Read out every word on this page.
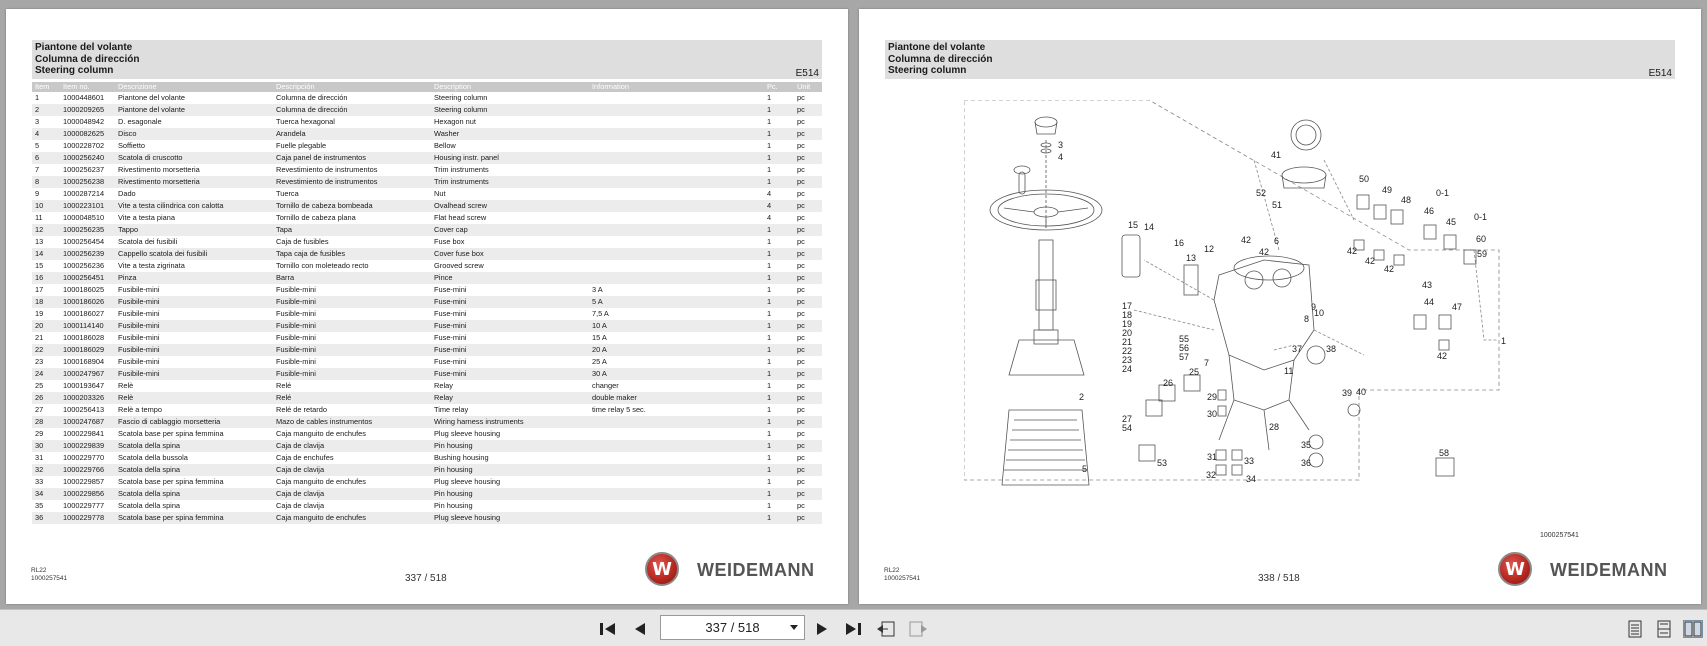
Piantone del volante
Columna de dirección
Steering column	E514
Item	Item no.	Descrizione	Descripción	Description	Information	Pc.	Unit
1	1000448601	Piantone del volante	Columna de dirección	Steering column		1	pc
2	1000209265	Piantone del volante	Columna de dirección	Steering column		1	pc
3	1000048942	D. esagonale	Tuerca hexagonal	Hexagon nut		1	pc
4	1000082625	Disco	Arandela	Washer		1	pc
5	1000228702	Soffietto	Fuelle plegable	Bellow		1	pc
6	1000256240	Scatola di cruscotto	Caja panel de instrumentos	Housing instr. panel		1	pc
7	1000256237	Rivestimento morsetteria	Revestimiento de instrumentos	Trim instruments		1	pc
8	1000256238	Rivestimento morsetteria	Revestimiento de instrumentos	Trim instruments		1	pc
9	1000287214	Dado	Tuerca	Nut		4	pc
10	1000223101	Vite a testa cilindrica con calotta	Tornillo de cabeza bombeada	Ovalhead screw		4	pc
11	1000048510	Vite a testa piana	Tornillo de cabeza plana	Flat head screw		4	pc
12	1000256235	Tappo	Tapa	Cover cap		1	pc
13	1000256454	Scatola dei fusibili	Caja de fusibles	Fuse box		1	pc
14	1000256239	Cappello scatola dei fusibili	Tapa caja de fusibles	Cover fuse box		1	pc
15	1000256236	Vite a testa zigrinata	Tornillo con moleteado recto	Grooved screw		1	pc
16	1000256451	Pinza	Barra	Pince		1	pc
17	1000186025	Fusibile-mini	Fusible-mini	Fuse-mini	3 A	1	pc
18	1000186026	Fusibile-mini	Fusible-mini	Fuse-mini	5 A	1	pc
19	1000186027	Fusibile-mini	Fusible-mini	Fuse-mini	7,5 A	1	pc
20	1000114140	Fusibile-mini	Fusible-mini	Fuse-mini	10 A	1	pc
21	1000186028	Fusibile-mini	Fusible-mini	Fuse-mini	15 A	1	pc
22	1000186029	Fusibile-mini	Fusible-mini	Fuse-mini	20 A	1	pc
23	1000168904	Fusibile-mini	Fusible-mini	Fuse-mini	25 A	1	pc
24	1000247967	Fusibile-mini	Fusible-mini	Fuse-mini	30 A	1	pc
25	1000193647	Relè	Relé	Relay	changer	1	pc
26	1000203326	Relè	Relé	Relay	double maker	1	pc
27	1000256413	Relè a tempo	Relé de retardo	Time relay	time relay 5 sec.	1	pc
28	1000247687	Fascio di cablaggio morsetteria	Mazo de cables instrumentos	Wiring harness instruments		1	pc
29	1000229841	Scatola base per spina femmina	Caja manguito de enchufes	Plug sleeve housing		1	pc
30	1000229839	Scatola della spina	Caja de clavija	Pin housing		1	pc
31	1000229770	Scatola della bussola	Caja de enchufes	Bushing housing		1	pc
32	1000229766	Scatola della spina	Caja de clavija	Pin housing		1	pc
33	1000229857	Scatola base per spina femmina	Caja manguito de enchufes	Plug sleeve housing		1	pc
34	1000229856	Scatola della spina	Caja de clavija	Pin housing		1	pc
35	1000229777	Scatola della spina	Caja de clavija	Pin housing		1	pc
36	1000229778	Scatola base per spina femmina	Caja manguito de enchufes	Plug sleeve housing		1	pc
RL22
1000257541	337 / 518	W WEIDEMANN
Piantone del volante
Columna de dirección
Steering column	E514
1
2
3
4
5
6
7
8
9
10
11
12
13
14
15
16
17
18
19
20
21
22
23
24	25
26
27
54	28
29
30
31
32
33
34
35
36
37	38
39 40
41
42
42	42
42
42
42
43
44
45
46
47
48
49
50
51
52
53
55
56
57
58
59
60
0-1
0-1
1000257541
RL22
1000257541	338 / 518	W WEIDEMANN
337 / 518
